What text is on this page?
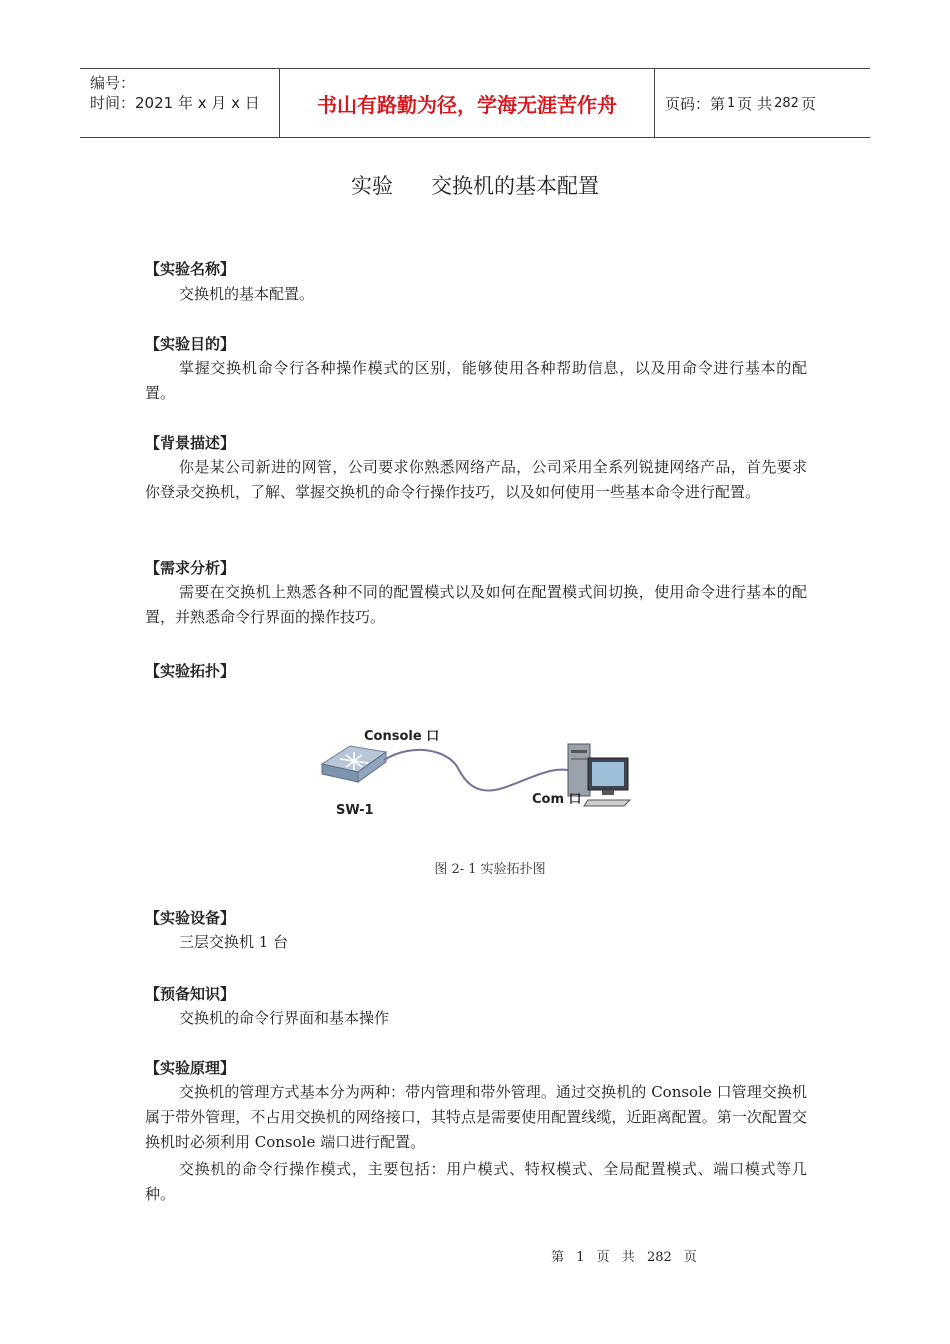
编号：
时间：2021 年 x 月 x 日	书山有路勤为径，学海无涯苦作舟	页码：第 1 页 共 282 页
实验 交换机的基本配置
【实验名称】
交换机的基本配置。
【实验目的】
掌握交换机命令行各种操作模式的区别，能够使用各种帮助信息，以及用命令进行基本的配置。
【背景描述】
你是某公司新进的网管，公司要求你熟悉网络产品，公司采用全系列锐捷网络产品，首先要求你登录交换机，了解、掌握交换机的命令行操作技巧，以及如何使用一些基本命令进行配置。
【需求分析】
需要在交换机上熟悉各种不同的配置模式以及如何在配置模式间切换，使用命令进行基本的配置，并熟悉命令行界面的操作技巧。
【实验拓扑】
【实验设备】
三层交换机 1 台
【预备知识】
交换机的命令行界面和基本操作
【实验原理】
交换机的管理方式基本分为两种：带内管理和带外管理。通过交换机的 Console 口管理交换机属于带外管理，不占用交换机的网络接口，其特点是需要使用配置线缆，近距离配置。第一次配置交换机时必须利用 Console 端口进行配置。
交换机的命令行操作模式，主要包括：用户模式、特权模式、全局配置模式、端口模式等几种。
Console 口
SW-1
Com 口
图 2- 1 实验拓扑图
第 1 页 共 282 页
